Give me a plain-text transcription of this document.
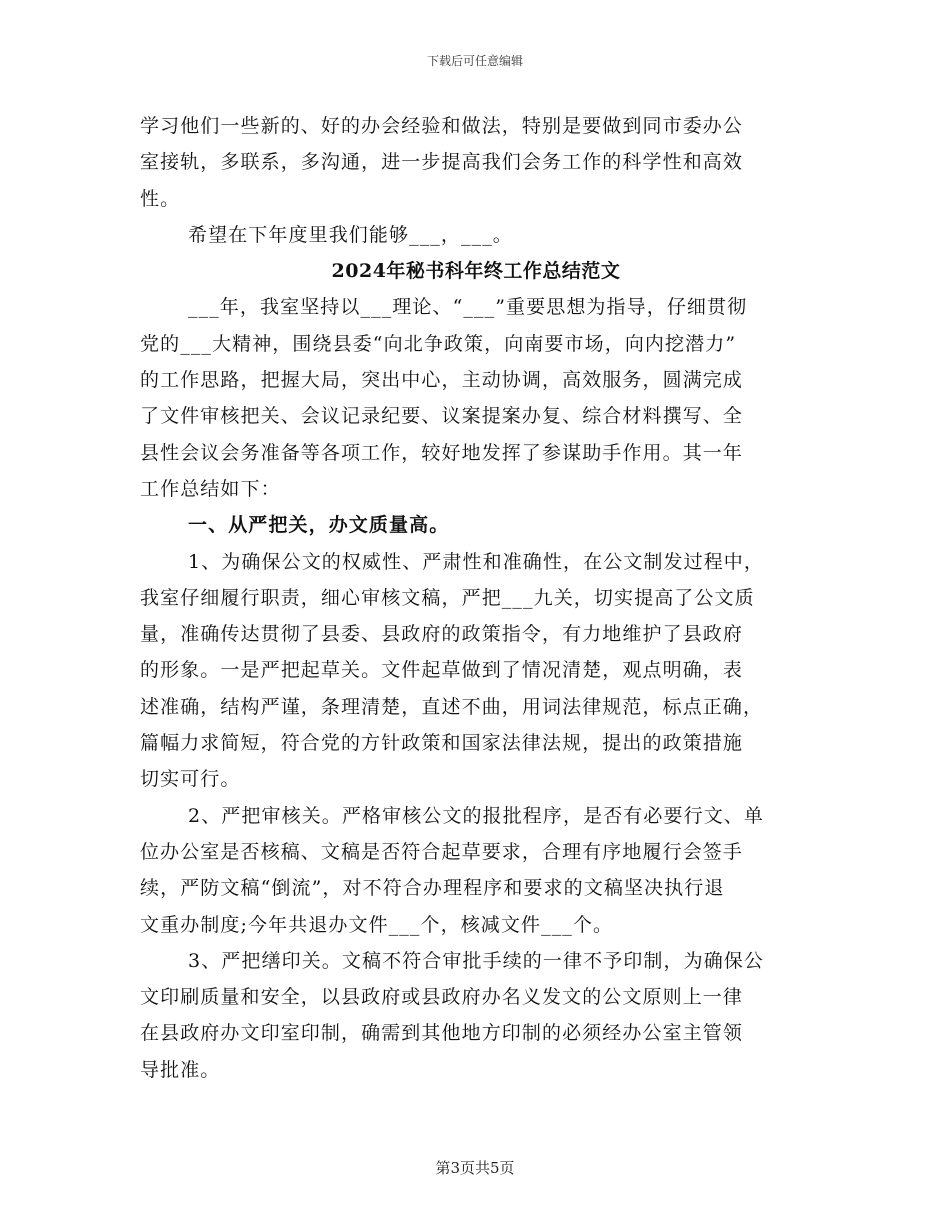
下载后可任意编辑
学习他们一些新的、好的办会经验和做法，特别是要做到同市委办公
室接轨，多联系，多沟通，进一步提高我们会务工作的科学性和高效
性。
希望在下年度里我们能够___，___。
2024年秘书科年终工作总结范文
___年，我室坚持以___理论、“___”重要思想为指导，仔细贯彻
党的___大精神，围绕县委“向北争政策，向南要市场，向内挖潜力”
的工作思路，把握大局，突出中心，主动协调，高效服务，圆满完成
了文件审核把关、会议记录纪要、议案提案办复、综合材料撰写、全
县性会议会务准备等各项工作，较好地发挥了参谋助手作用。其一年
工作总结如下：
一、从严把关，办文质量高。
1、为确保公文的权威性、严肃性和准确性，在公文制发过程中，
我室仔细履行职责，细心审核文稿，严把___九关，切实提高了公文质
量，准确传达贯彻了县委、县政府的政策指令，有力地维护了县政府
的形象。一是严把起草关。文件起草做到了情况清楚，观点明确，表
述准确，结构严谨，条理清楚，直述不曲，用词法律规范，标点正确，
篇幅力求简短，符合党的方针政策和国家法律法规，提出的政策措施
切实可行。
2、严把审核关。严格审核公文的报批程序，是否有必要行文、单
位办公室是否核稿、文稿是否符合起草要求，合理有序地履行会签手
续，严防文稿“倒流”，对不符合办理程序和要求的文稿坚决执行退
文重办制度;今年共退办文件___个，核减文件___个。
3、严把缮印关。文稿不符合审批手续的一律不予印制，为确保公
文印刷质量和安全，以县政府或县政府办名义发文的公文原则上一律
在县政府办文印室印制，确需到其他地方印制的必须经办公室主管领
导批准。
第3页共5页
